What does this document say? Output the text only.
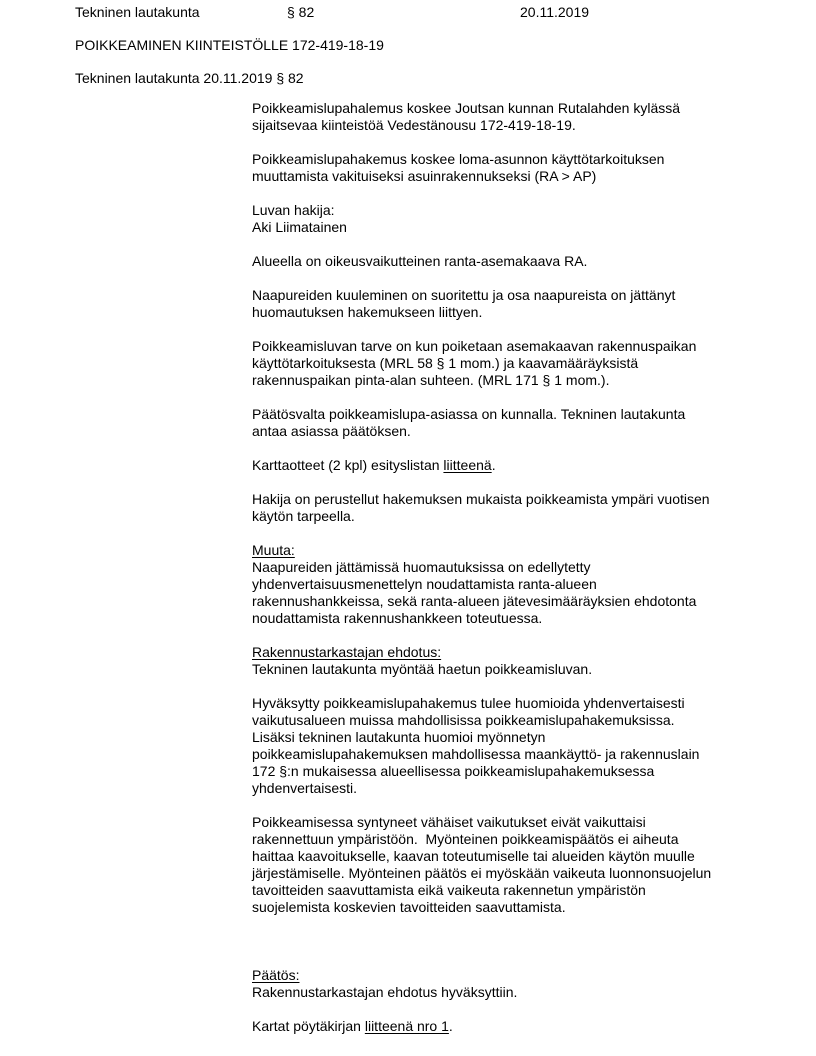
Tekninen lautakunta	§ 82	20.11.2019
POIKKEAMINEN KIINTEISTÖLLE 172-419-18-19
Tekninen lautakunta 20.11.2019 § 82
Poikkeamislupahalemus koskee Joutsan kunnan Rutalahden kylässä
sijaitsevaa kiinteistöä Vedestänousu 172-419-18-19.
Poikkeamislupahakemus koskee loma-asunnon käyttötarkoituksen
muuttamista vakituiseksi asuinrakennukseksi (RA > AP)
Luvan hakija:
Aki Liimatainen
Alueella on oikeusvaikutteinen ranta-asemakaava RA.
Naapureiden kuuleminen on suoritettu ja osa naapureista on jättänyt
huomautuksen hakemukseen liittyen.
Poikkeamisluvan tarve on kun poiketaan asemakaavan rakennuspaikan
käyttötarkoituksesta (MRL 58 § 1 mom.) ja kaavamääräyksistä
rakennuspaikan pinta-alan suhteen. (MRL 171 § 1 mom.).
Päätösvalta poikkeamislupa-asiassa on kunnalla. Tekninen lautakunta
antaa asiassa päätöksen.
Karttaotteet (2 kpl) esityslistan liitteenä.
Hakija on perustellut hakemuksen mukaista poikkeamista ympäri vuotisen
käytön tarpeella.
Muuta:
Naapureiden jättämissä huomautuksissa on edellytetty
yhdenvertaisuusmenettelyn noudattamista ranta-alueen
rakennushankkeissa, sekä ranta-alueen jätevesimääräyksien ehdotonta
noudattamista rakennushankkeen toteutuessa.
Rakennustarkastajan ehdotus:
Tekninen lautakunta myöntää haetun poikkeamisluvan.
Hyväksytty poikkeamislupahakemus tulee huomioida yhdenvertaisesti
vaikutusalueen muissa mahdollisissa poikkeamislupahakemuksissa.
Lisäksi tekninen lautakunta huomioi myönnetyn
poikkeamislupahakemuksen mahdollisessa maankäyttö- ja rakennuslain
172 §:n mukaisessa alueellisessa poikkeamislupahakemuksessa
yhdenvertaisesti.
Poikkeamisessa syntyneet vähäiset vaikutukset eivät vaikuttaisi
rakennettuun ympäristöön.  Myönteinen poikkeamispäätös ei aiheuta
haittaa kaavoitukselle, kaavan toteutumiselle tai alueiden käytön muulle
järjestämiselle. Myönteinen päätös ei myöskään vaikeuta luonnonsuojelun
tavoitteiden saavuttamista eikä vaikeuta rakennetun ympäristön
suojelemista koskevien tavoitteiden saavuttamista.
Päätös:
Rakennustarkastajan ehdotus hyväksyttiin.
Kartat pöytäkirjan liitteenä nro 1.
